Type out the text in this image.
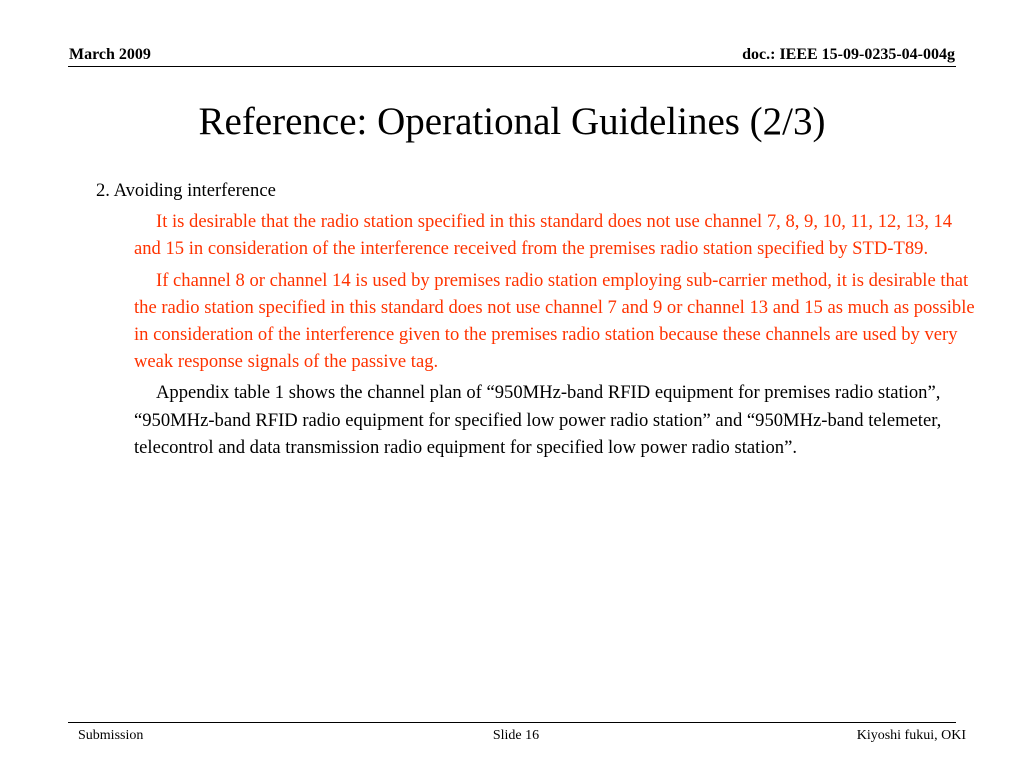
March 2009	doc.: IEEE 15-09-0235-04-004g
Reference: Operational Guidelines (2/3)

2. Avoiding interference

It is desirable that the radio station specified in this standard does not use channel 7, 8, 9, 10, 11, 12, 13, 14 and 15 in consideration of the interference received from the premises radio station specified by STD-T89.

If channel 8 or channel 14 is used by premises radio station employing sub-carrier method, it is desirable that the radio station specified in this standard does not use channel 7 and 9 or channel 13 and 15 as much as possible in consideration of the interference given to the premises radio station because these channels are used by very weak response signals of the passive tag.

Appendix table 1 shows the channel plan of “950MHz-band RFID equipment for premises radio station”, “950MHz-band RFID radio equipment for specified low power radio station” and “950MHz-band telemeter, telecontrol and data transmission radio equipment for specified low power radio station”.

Submission	Slide 16	Kiyoshi fukui, OKI
